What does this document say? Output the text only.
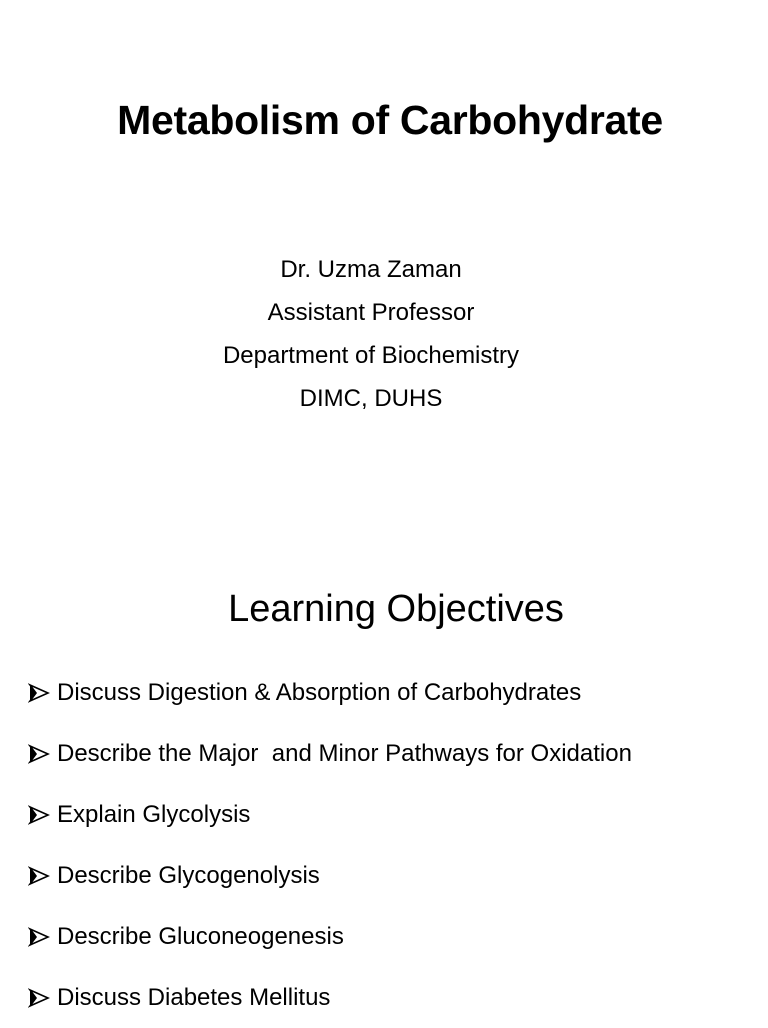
Metabolism of Carbohydrate
Dr. Uzma Zaman
Assistant Professor
Department of Biochemistry
DIMC, DUHS
Learning Objectives
Discuss Digestion & Absorption of Carbohydrates
Describe the Major  and Minor Pathways for Oxidation
Explain Glycolysis
Describe Glycogenolysis
Describe Gluconeogenesis
Discuss Diabetes Mellitus
